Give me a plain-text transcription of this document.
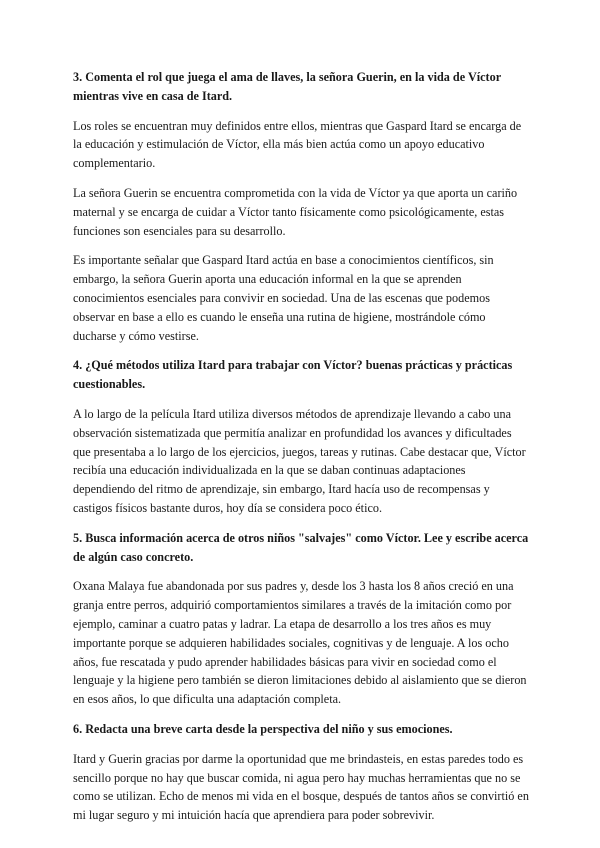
3. Comenta el rol que juega el ama de llaves, la señora Guerin, en la vida de Víctor mientras vive en casa de Itard.
Los roles se encuentran muy definidos entre ellos, mientras que Gaspard Itard se encarga de la educación y estimulación de Víctor, ella más bien actúa como un apoyo educativo complementario.
La señora Guerin se encuentra comprometida con la vida de Víctor ya que aporta un cariño maternal y se encarga de cuidar a Víctor tanto físicamente como psicológicamente, estas funciones son esenciales para su desarrollo.
Es importante señalar que Gaspard Itard actúa en base a conocimientos científicos, sin embargo, la señora Guerin aporta una educación informal en la que se aprenden conocimientos esenciales para convivir en sociedad. Una de las escenas que podemos observar en base a ello es cuando le enseña una rutina de higiene, mostrándole cómo ducharse y cómo vestirse.
4. ¿Qué métodos utiliza Itard para trabajar con Víctor? buenas prácticas y prácticas cuestionables.
A lo largo de la película Itard utiliza diversos métodos de aprendizaje llevando a cabo una observación sistematizada que permitía analizar en profundidad los avances y dificultades que presentaba a lo largo de los ejercicios, juegos, tareas y rutinas. Cabe destacar que, Víctor recibía una educación individualizada en la que se daban continuas adaptaciones dependiendo del ritmo de aprendizaje, sin embargo, Itard hacía uso de recompensas y castigos físicos bastante duros, hoy día se considera poco ético.
5. Busca información acerca de otros niños "salvajes" como Víctor. Lee y escribe acerca de algún caso concreto.
Oxana Malaya fue abandonada por sus padres y, desde los 3 hasta los 8 años creció en una granja entre perros, adquirió comportamientos similares a través de la imitación como por ejemplo, caminar a cuatro patas y ladrar. La etapa de desarrollo a los tres años es muy importante porque se adquieren habilidades sociales, cognitivas y de lenguaje. A los ocho años, fue rescatada y pudo aprender habilidades básicas para vivir en sociedad como el lenguaje y la higiene pero también se dieron limitaciones debido al aislamiento que se dieron en esos años, lo que dificulta una adaptación completa.
6. Redacta una breve carta desde la perspectiva del niño y sus emociones.
Itard y Guerin gracias por darme la oportunidad que me brindasteis, en estas paredes todo es sencillo porque no hay que buscar comida, ni agua pero hay muchas herramientas que no se como se utilizan. Echo de menos mi vida en el bosque, después de tantos años se convirtió en mi lugar seguro y mi intuición hacía que aprendiera para poder sobrevivir.
